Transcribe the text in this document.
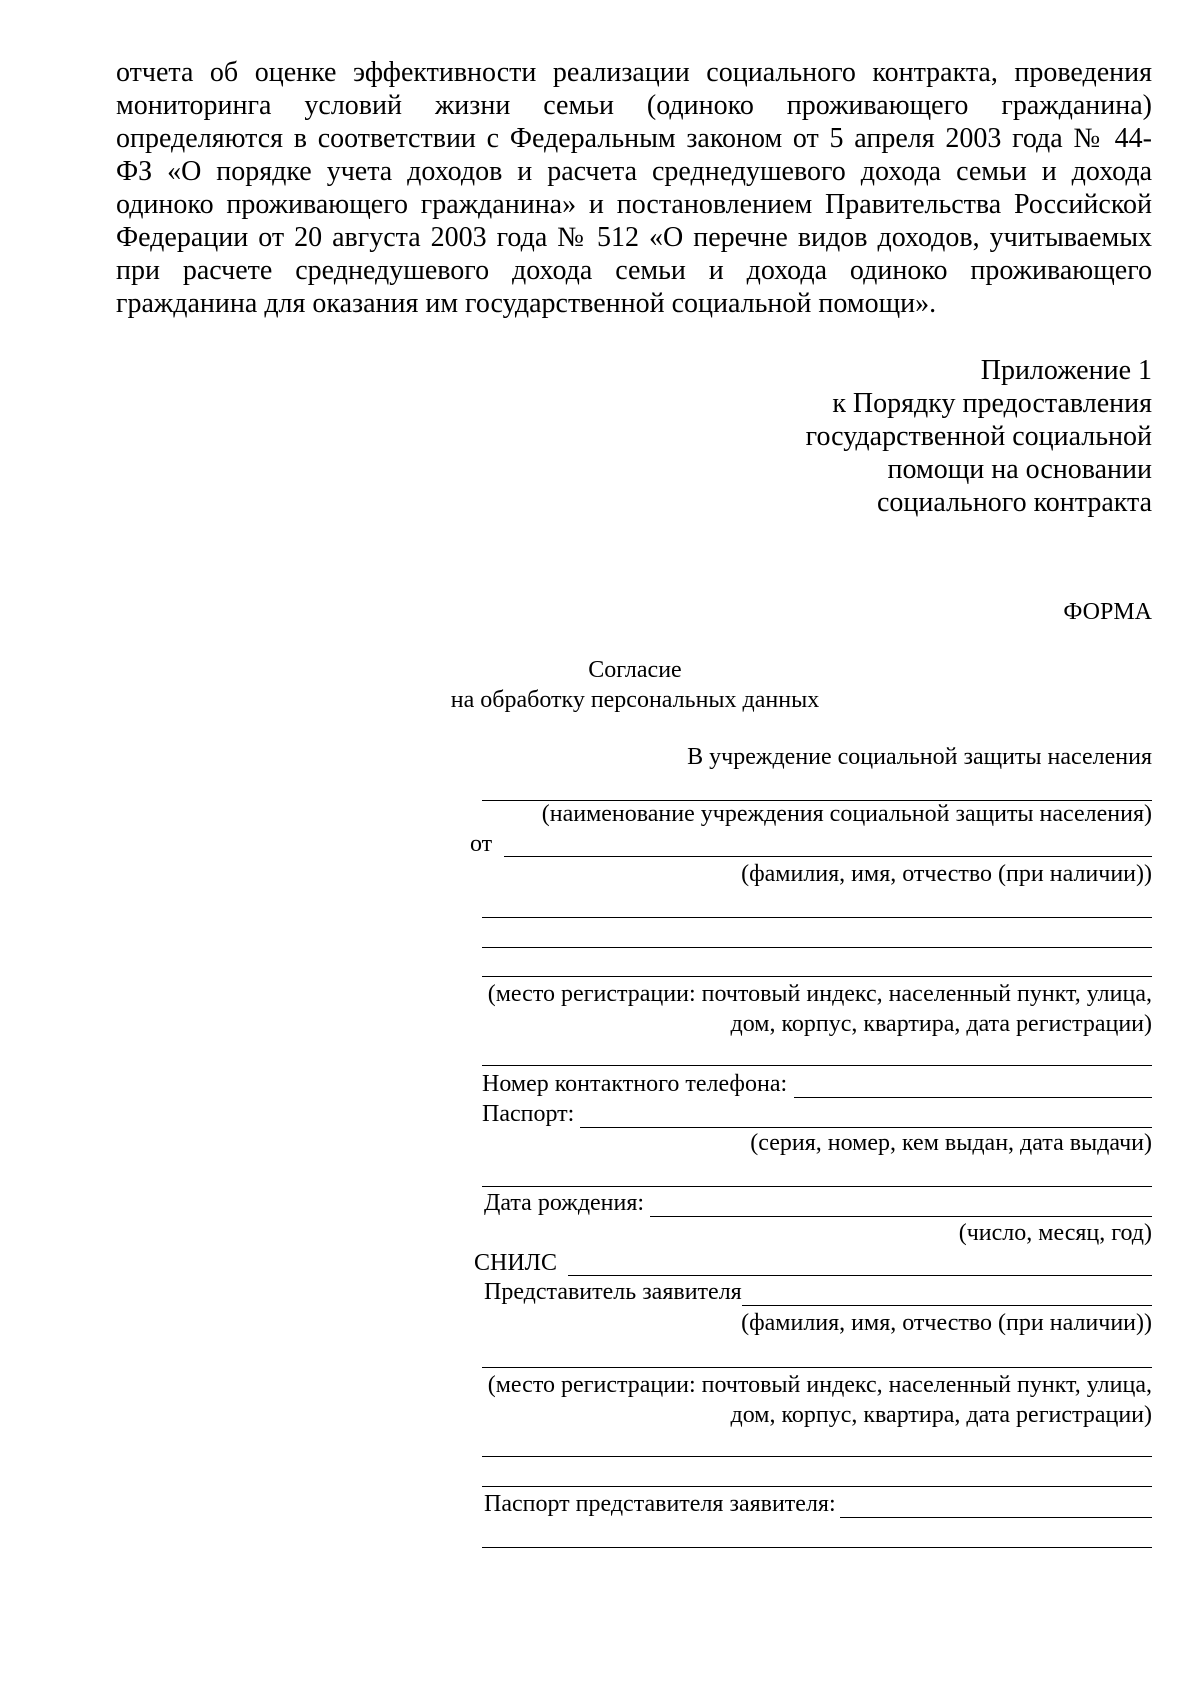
отчета об оценке эффективности реализации социального контракта, проведения
мониторинга условий жизни семьи (одиноко проживающего гражданина)
определяются в соответствии с Федеральным законом от 5 апреля 2003 года № 44-
ФЗ «О порядке учета доходов и расчета среднедушевого дохода семьи и дохода
одиноко проживающего гражданина» и постановлением Правительства Российской
Федерации от 20 августа 2003 года № 512 «О перечне видов доходов, учитываемых
при расчете среднедушевого дохода семьи и дохода одиноко проживающего
гражданина для оказания им государственной социальной помощи».
Приложение 1
к Порядку предоставления
государственной социальной
помощи на основании
социального контракта
ФОРМА
Согласие
на обработку персональных данных
В учреждение социальной защиты населения
(наименование учреждения социальной защиты населения)
от
(фамилия, имя, отчество (при наличии))
(место регистрации: почтовый индекс, населенный пункт, улица,
дом, корпус, квартира, дата регистрации)
Номер контактного телефона:
Паспорт:
(серия, номер, кем выдан, дата выдачи)
Дата рождения:
(число, месяц, год)
СНИЛС
Представитель заявителя
(фамилия, имя, отчество (при наличии))
(место регистрации: почтовый индекс, населенный пункт, улица,
дом, корпус, квартира, дата регистрации)
Паспорт представителя заявителя:
